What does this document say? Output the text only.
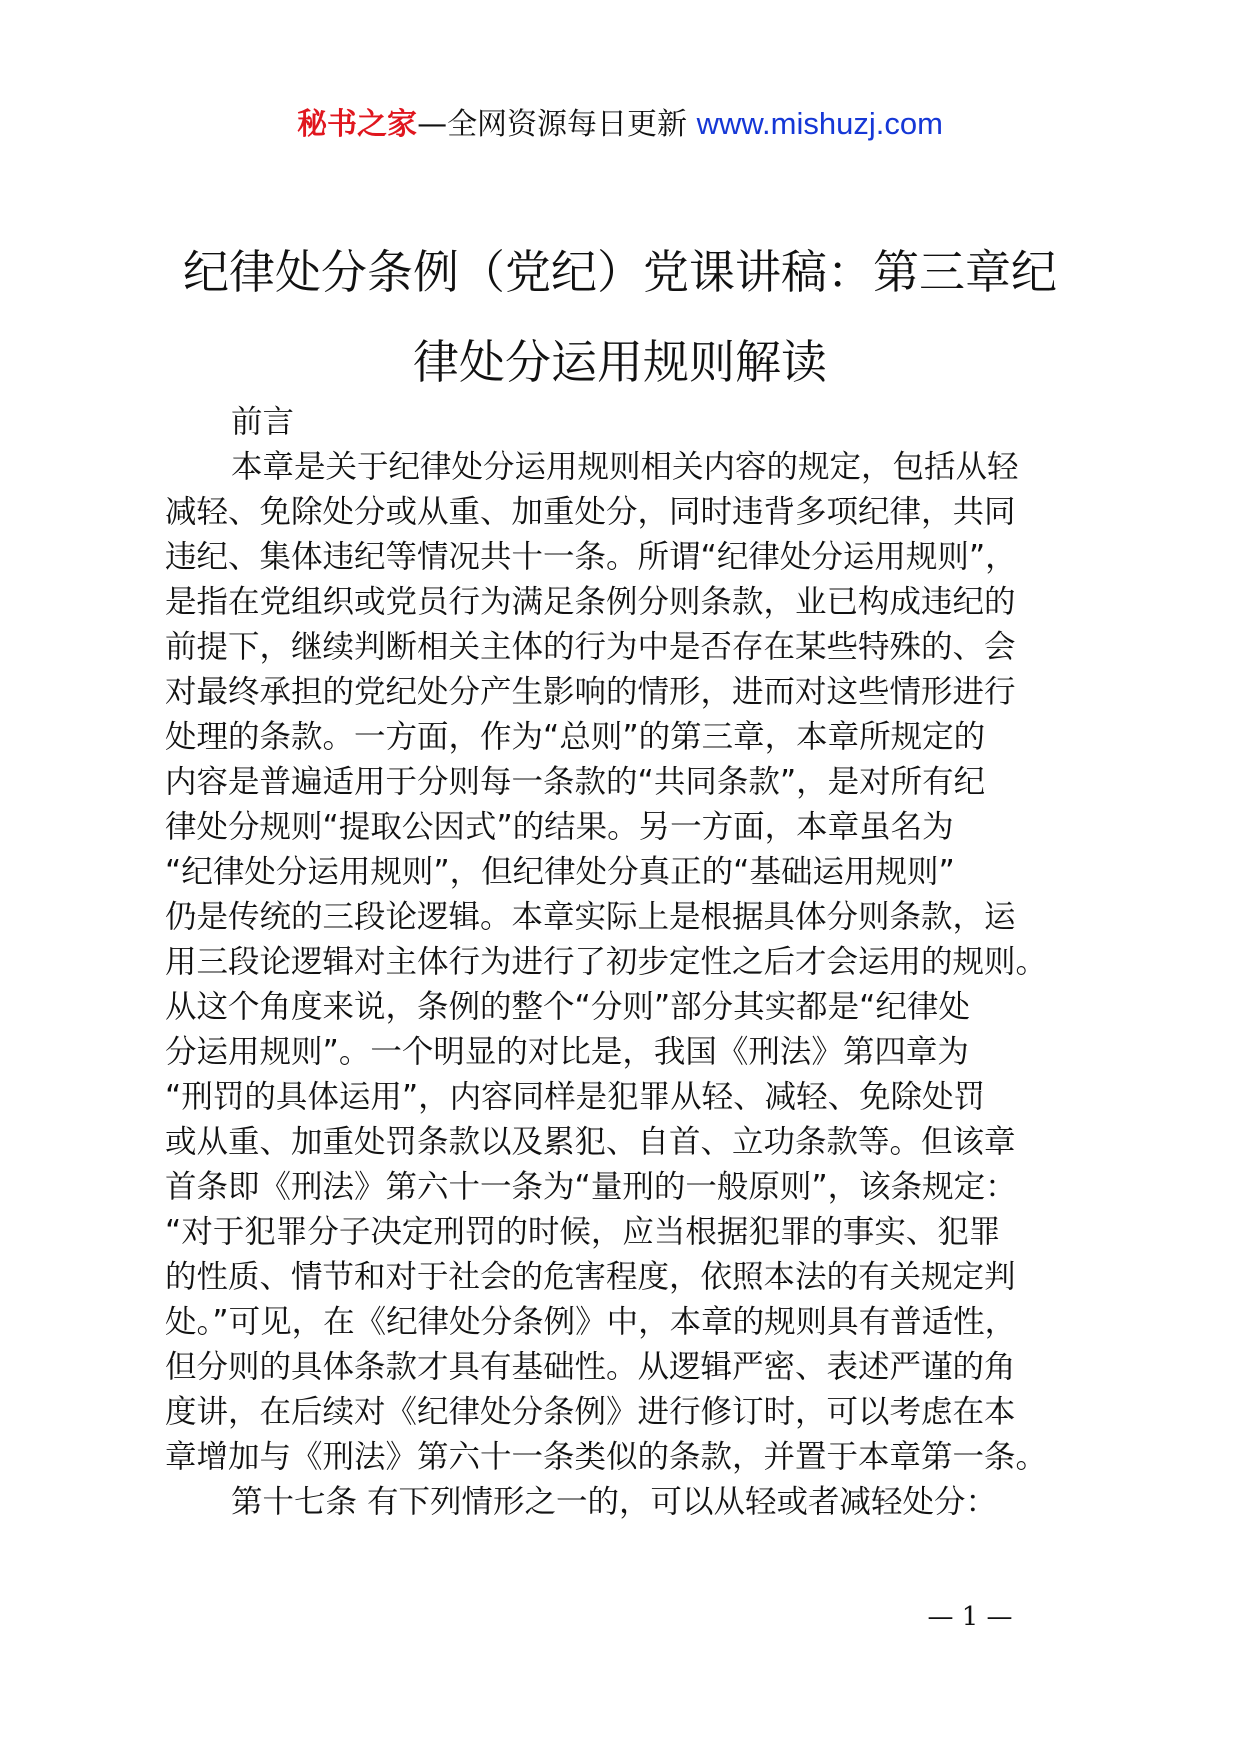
秘书之家—全网资源每日更新 www.mishuzj.com
纪律处分条例（党纪）党课讲稿：第三章纪
律处分运用规则解读
前言
本章是关于纪律处分运用规则相关内容的规定，包括从轻
减轻、免除处分或从重、加重处分，同时违背多项纪律，共同
违纪、集体违纪等情况共十一条。所谓“纪律处分运用规则”，
是指在党组织或党员行为满足条例分则条款，业已构成违纪的
前提下，继续判断相关主体的行为中是否存在某些特殊的、会
对最终承担的党纪处分产生影响的情形，进而对这些情形进行
处理的条款。一方面，作为“总则”的第三章，本章所规定的
内容是普遍适用于分则每一条款的“共同条款”，是对所有纪
律处分规则“提取公因式”的结果。另一方面，本章虽名为
“纪律处分运用规则”，但纪律处分真正的“基础运用规则”
仍是传统的三段论逻辑。本章实际上是根据具体分则条款，运
用三段论逻辑对主体行为进行了初步定性之后才会运用的规则。
从这个角度来说，条例的整个“分则”部分其实都是“纪律处
分运用规则”。一个明显的对比是，我国《刑法》第四章为
“刑罚的具体运用”，内容同样是犯罪从轻、减轻、免除处罚
或从重、加重处罚条款以及累犯、自首、立功条款等。但该章
首条即《刑法》第六十一条为“量刑的一般原则”，该条规定：
“对于犯罪分子决定刑罚的时候，应当根据犯罪的事实、犯罪
的性质、情节和对于社会的危害程度，依照本法的有关规定判
处。”可见，在《纪律处分条例》中，本章的规则具有普适性，
但分则的具体条款才具有基础性。从逻辑严密、表述严谨的角
度讲，在后续对《纪律处分条例》进行修订时，可以考虑在本
章增加与《刑法》第六十一条类似的条款，并置于本章第一条。
第十七条 有下列情形之一的，可以从轻或者减轻处分：
— 1 —
